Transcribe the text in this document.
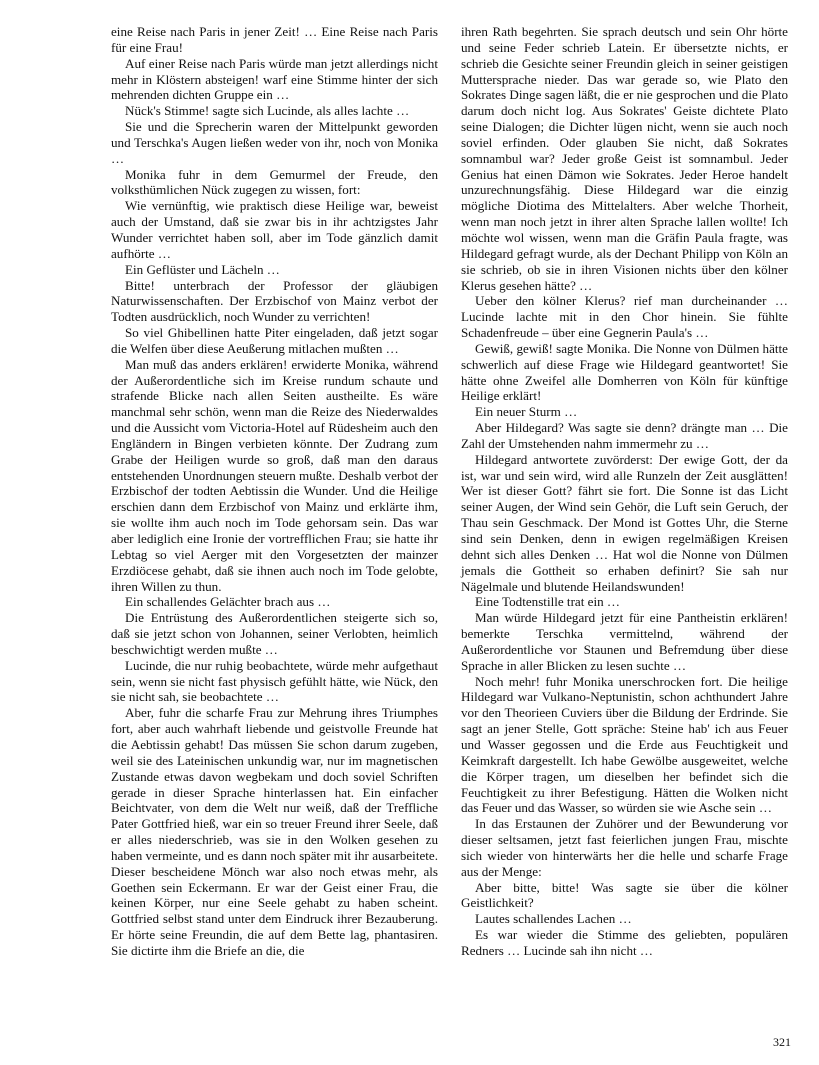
eine Reise nach Paris in jener Zeit! … Eine Reise nach Paris für eine Frau!

Auf einer Reise nach Paris würde man jetzt allerdings nicht mehr in Klöstern absteigen! warf eine Stimme hinter der sich mehrenden dichten Gruppe ein …

Nück's Stimme! sagte sich Lucinde, als alles lachte …

Sie und die Sprecherin waren der Mittelpunkt geworden und Terschka's Augen ließen weder von ihr, noch von Monika …

Monika fuhr in dem Gemurmel der Freude, den volksthümlichen Nück zugegen zu wissen, fort:

Wie vernünftig, wie praktisch diese Heilige war, beweist auch der Umstand, daß sie zwar bis in ihr achtzigstes Jahr Wunder verrichtet haben soll, aber im Tode gänzlich damit aufhörte …

Ein Geflüster und Lächeln …

Bitte! unterbrach der Professor der gläubigen Naturwissenschaften. Der Erzbischof von Mainz verbot der Todten ausdrücklich, noch Wunder zu verrichten!

So viel Ghibellinen hatte Piter eingeladen, daß jetzt sogar die Welfen über diese Aeußerung mitlachen mußten …

Man muß das anders erklären! erwiderte Monika, während der Außerordentliche sich im Kreise rundum schaute und strafende Blicke nach allen Seiten austheilte. Es wäre manchmal sehr schön, wenn man die Reize des Niederwaldes und die Aussicht vom Victoria-Hotel auf Rüdesheim auch den Engländern in Bingen verbieten könnte. Der Zudrang zum Grabe der Heiligen wurde so groß, daß man den daraus entstehenden Unordnungen steuern mußte. Deshalb verbot der Erzbischof der todten Aebtissin die Wunder. Und die Heilige erschien dann dem Erzbischof von Mainz und erklärte ihm, sie wollte ihm auch noch im Tode gehorsam sein. Das war aber lediglich eine Ironie der vortrefflichen Frau; sie hatte ihr Lebtag so viel Aerger mit den Vorgesetzten der mainzer Erzdiöcese gehabt, daß sie ihnen auch noch im Tode gelobte, ihren Willen zu thun.

Ein schallendes Gelächter brach aus …

Die Entrüstung des Außerordentlichen steigerte sich so, daß sie jetzt schon von Johannen, seiner Verlobten, heimlich beschwichtigt werden mußte …

Lucinde, die nur ruhig beobachtete, würde mehr aufgethaut sein, wenn sie nicht fast physisch gefühlt hätte, wie Nück, den sie nicht sah, sie beobachtete …

Aber, fuhr die scharfe Frau zur Mehrung ihres Triumphes fort, aber auch wahrhaft liebende und geistvolle Freunde hat die Aebtissin gehabt! Das müssen Sie schon darum zugeben, weil sie des Lateinischen unkundig war, nur im magnetischen Zustande etwas davon wegbekam und doch soviel Schriften gerade in dieser Sprache hinterlassen hat. Ein einfacher Beichtvater, von dem die Welt nur weiß, daß der Treffliche Pater Gottfried hieß, war ein so treuer Freund ihrer Seele, daß er alles niederschrieb, was sie in den Wolken gesehen zu haben vermeinte, und es dann noch später mit ihr ausarbeitete. Dieser bescheidene Mönch war also noch etwas mehr, als Goethen sein Eckermann. Er war der Geist einer Frau, die keinen Körper, nur eine Seele gehabt zu haben scheint. Gottfried selbst stand unter dem Eindruck ihrer Bezauberung. Er hörte seine Freundin, die auf dem Bette lag, phantasiren. Sie dictirte ihm die Briefe an die, die

ihren Rath begehrten. Sie sprach deutsch und sein Ohr hörte und seine Feder schrieb Latein. Er übersetzte nichts, er schrieb die Gesichte seiner Freundin gleich in seiner geistigen Muttersprache nieder. Das war gerade so, wie Plato den Sokrates Dinge sagen läßt, die er nie gesprochen und die Plato darum doch nicht log. Aus Sokrates' Geiste dichtete Plato seine Dialogen; die Dichter lügen nicht, wenn sie auch noch soviel erfinden. Oder glauben Sie nicht, daß Sokrates somnambul war? Jeder große Geist ist somnambul. Jeder Genius hat einen Dämon wie Sokrates. Jeder Heroe handelt unzurechnungsfähig. Diese Hildegard war die einzig mögliche Diotima des Mittelalters. Aber welche Thorheit, wenn man noch jetzt in ihrer alten Sprache lallen wollte! Ich möchte wol wissen, wenn man die Gräfin Paula fragte, was Hildegard gefragt wurde, als der Dechant Philipp von Köln an sie schrieb, ob sie in ihren Visionen nichts über den kölner Klerus gesehen hätte? …

Ueber den kölner Klerus? rief man durcheinander … Lucinde lachte mit in den Chor hinein. Sie fühlte Schadenfreude – über eine Gegnerin Paula's …

Gewiß, gewiß! sagte Monika. Die Nonne von Dülmen hätte schwerlich auf diese Frage wie Hildegard geantwortet! Sie hätte ohne Zweifel alle Domherren von Köln für künftige Heilige erklärt!

Ein neuer Sturm …

Aber Hildegard? Was sagte sie denn? drängte man … Die Zahl der Umstehenden nahm immermehr zu …

Hildegard antwortete zuvörderst: Der ewige Gott, der da ist, war und sein wird, wird alle Runzeln der Zeit ausglätten! Wer ist dieser Gott? fährt sie fort. Die Sonne ist das Licht seiner Augen, der Wind sein Gehör, die Luft sein Geruch, der Thau sein Geschmack. Der Mond ist Gottes Uhr, die Sterne sind sein Denken, denn in ewigen regelmäßigen Kreisen dehnt sich alles Denken … Hat wol die Nonne von Dülmen jemals die Gottheit so erhaben definirt? Sie sah nur Nägelmale und blutende Heilandswunden!

Eine Todtenstille trat ein …

Man würde Hildegard jetzt für eine Pantheistin erklären! bemerkte Terschka vermittelnd, während der Außerordentliche vor Staunen und Befremdung über diese Sprache in aller Blicken zu lesen suchte …

Noch mehr! fuhr Monika unerschrocken fort. Die heilige Hildegard war Vulkano-Neptunistin, schon achthundert Jahre vor den Theorieen Cuviers über die Bildung der Erdrinde. Sie sagt an jener Stelle, Gott spräche: Steine hab' ich aus Feuer und Wasser gegossen und die Erde aus Feuchtigkeit und Keimkraft dargestellt. Ich habe Gewölbe ausgeweitet, welche die Körper tragen, um dieselben her befindet sich die Feuchtigkeit zu ihrer Befestigung. Hätten die Wolken nicht das Feuer und das Wasser, so würden sie wie Asche sein …

In das Erstaunen der Zuhörer und der Bewunderung vor dieser seltsamen, jetzt fast feierlichen jungen Frau, mischte sich wieder von hinterwärts her die helle und scharfe Frage aus der Menge:

Aber bitte, bitte! Was sagte sie über die kölner Geistlichkeit?

Lautes schallendes Lachen …

Es war wieder die Stimme des geliebten, populären Redners … Lucinde sah ihn nicht …

321
